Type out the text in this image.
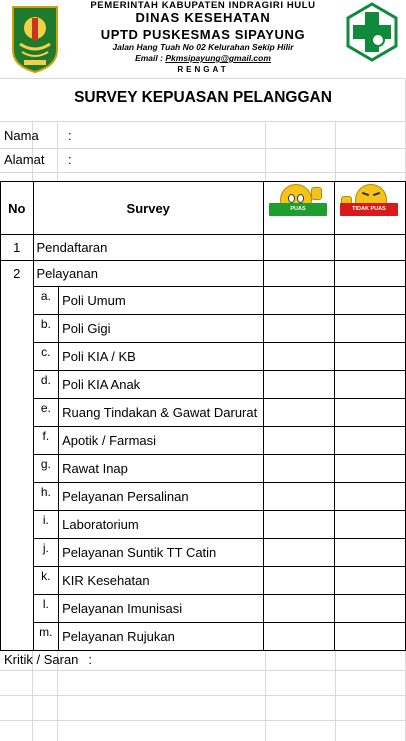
PEMERINTAH KABUPATEN INDRAGIRI HULU
DINAS KESEHATAN
UPTD PUSKESMAS SIPAYUNG
Jalan Hang Tuah No 02 Kelurahan Sekip Hilir
Email : Pkmsipayung@gmail.com
RENGAT
SURVEY KEPUASAN PELANGGAN
Nama :
Alamat :
No	Survey		PUAS	TIDAK PUAS

1	Pendaftaran			
2	Pelayanan			
	a.	Poli Umum		
	b.	Poli Gigi		
	c.	Poli KIA / KB		
	d.	Poli KIA Anak		
	e.	Ruang Tindakan & Gawat Darurat		
	f.	Apotik / Farmasi		
	g.	Rawat Inap		
	h.	Pelayanan Persalinan		
	i.	Laboratorium		
	j.	Pelayanan Suntik TT Catin		
	k.	KIR Kesehatan		
	l.	Pelayanan Imunisasi		
	m.	Pelayanan Rujukan		
Kritik / Saran :
